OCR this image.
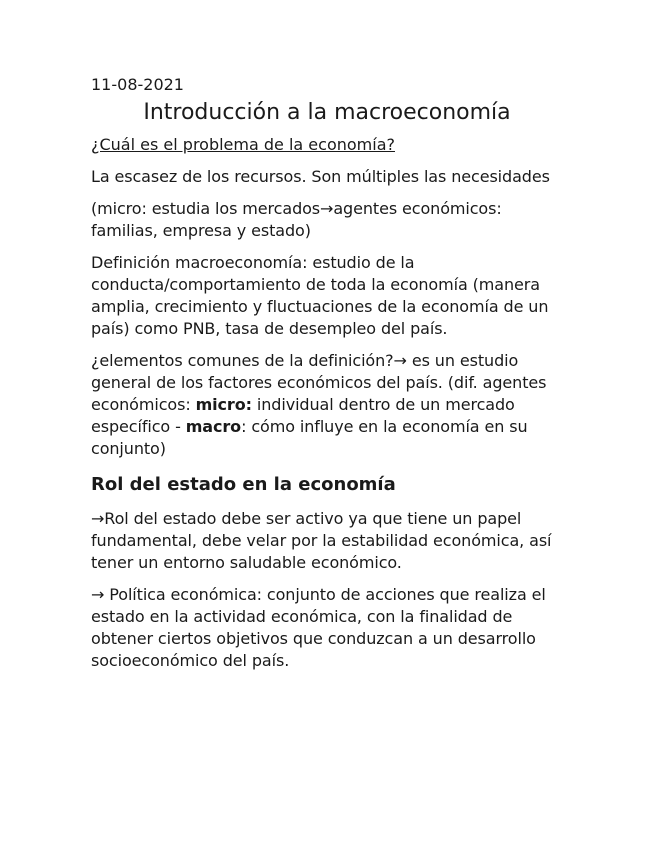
11-08-2021
Introducción a la macroeconomía
¿Cuál es el problema de la economía?

La escasez de los recursos. Son múltiples las necesidades

(micro: estudia los mercados→agentes económicos: familias, empresa y estado)

Definición macroeconomía: estudio de la conducta/comportamiento de toda la economía (manera amplia, crecimiento y fluctuaciones de la economía de un país) como PNB, tasa de desempleo del país.

¿elementos comunes de la definición?→ es un estudio general de los factores económicos del país. (dif. agentes económicos: micro: individual dentro de un mercado específico - macro: cómo influye en la economía en su conjunto)

Rol del estado en la economía

→Rol del estado debe ser activo ya que tiene un papel fundamental, debe velar por la estabilidad económica, así tener un entorno saludable económico.

→ Política económica: conjunto de acciones que realiza el estado en la actividad económica, con la finalidad de obtener ciertos objetivos que conduzcan a un desarrollo socioeconómico del país.
